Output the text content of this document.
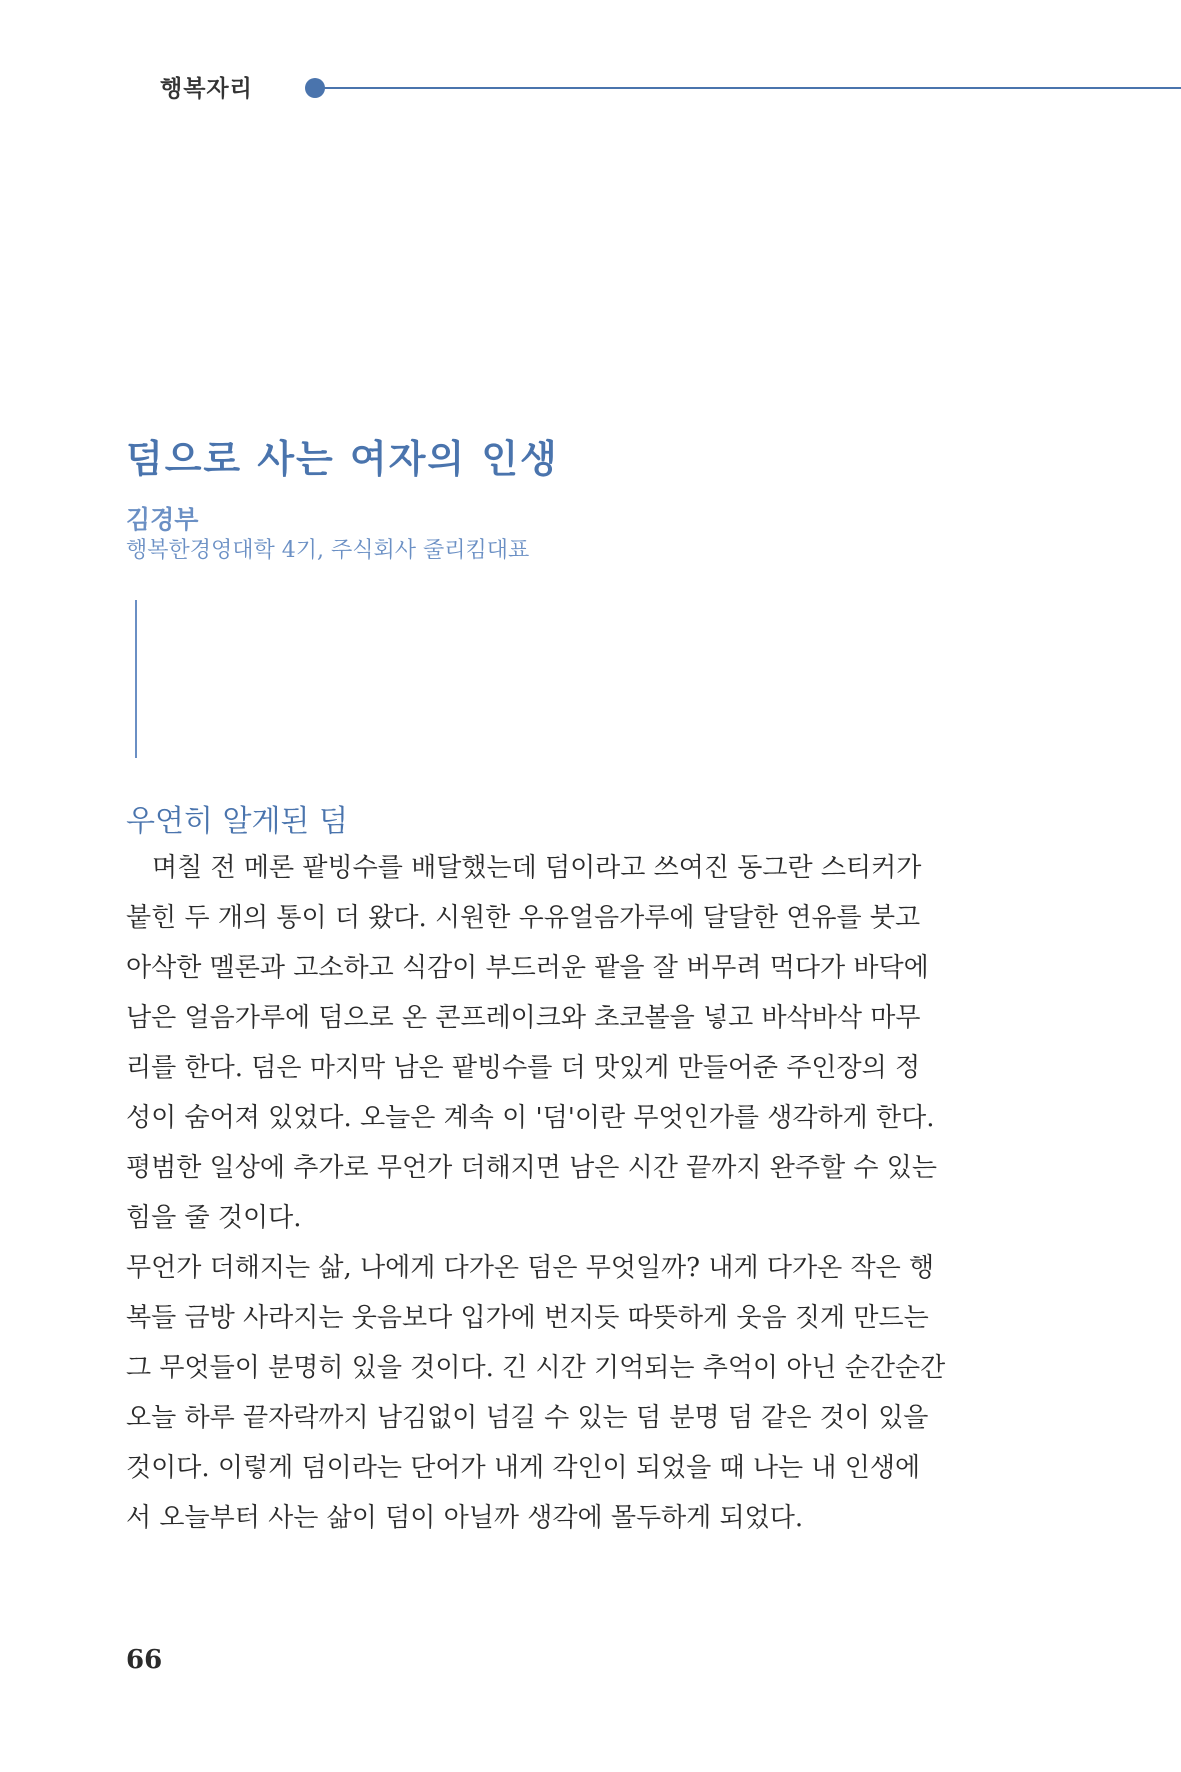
행복자리
덤으로 사는 여자의 인생
김경부
행복한경영대학 4기, 주식회사 줄리킴대표
우연히 알게된 덤
며칠 전 메론 팥빙수를 배달했는데 덤이라고 쓰여진 동그란 스티커가
붙힌 두 개의 통이 더 왔다. 시원한 우유얼음가루에 달달한 연유를 붓고
아삭한 멜론과 고소하고 식감이 부드러운 팥을 잘 버무려 먹다가 바닥에
남은 얼음가루에 덤으로 온 콘프레이크와 초코볼을 넣고 바삭바삭 마무
리를 한다. 덤은 마지막 남은 팥빙수를 더 맛있게 만들어준 주인장의 정
성이 숨어져 있었다. 오늘은 계속 이 '덤'이란 무엇인가를 생각하게 한다.
평범한 일상에 추가로 무언가 더해지면 남은 시간 끝까지 완주할 수 있는
힘을 줄 것이다.
무언가 더해지는 삶, 나에게 다가온 덤은 무엇일까? 내게 다가온 작은 행
복들 금방 사라지는 웃음보다 입가에 번지듯 따뜻하게 웃음 짓게 만드는
그 무엇들이 분명히 있을 것이다. 긴 시간 기억되는 추억이 아닌 순간순간
오늘 하루 끝자락까지 남김없이 넘길 수 있는 덤 분명 덤 같은 것이 있을
것이다. 이렇게 덤이라는 단어가 내게 각인이 되었을 때 나는 내 인생에
서 오늘부터 사는 삶이 덤이 아닐까 생각에 몰두하게 되었다.
66
